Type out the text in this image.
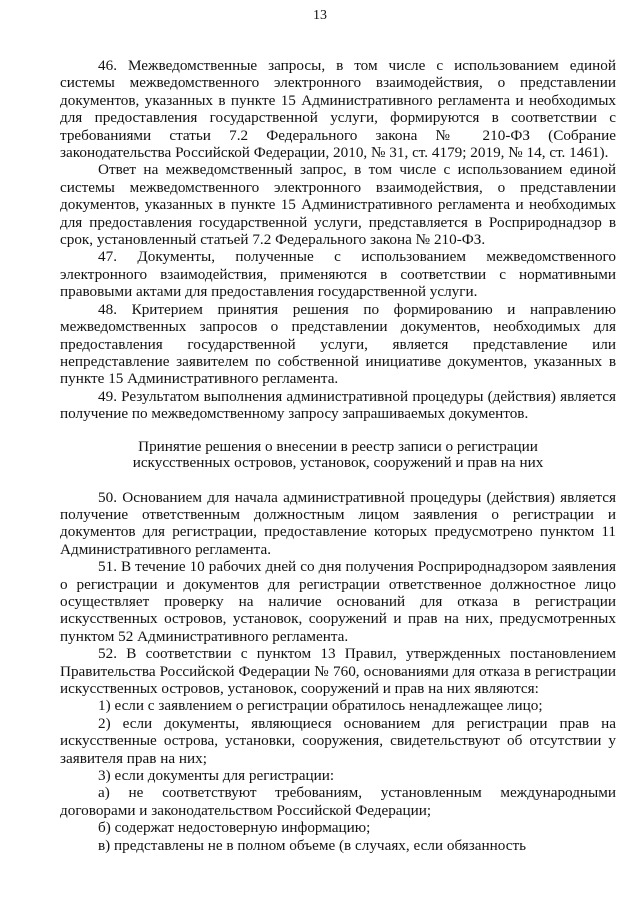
13

46. Межведомственные запросы, в том числе с использованием единой системы межведомственного электронного взаимодействия, о представлении документов, указанных в пункте 15 Административного регламента и необходимых для предоставления государственной услуги, формируются в соответствии с требованиями статьи 7.2 Федерального закона № 210-ФЗ (Собрание законодательства Российской Федерации, 2010, № 31, ст. 4179; 2019, № 14, ст. 1461).

Ответ на межведомственный запрос, в том числе с использованием единой системы межведомственного электронного взаимодействия, о представлении документов, указанных в пункте 15 Административного регламента и необходимых для предоставления государственной услуги, представляется в Росприроднадзор в срок, установленный статьей 7.2 Федерального закона № 210-ФЗ.

47. Документы, полученные с использованием межведомственного электронного взаимодействия, применяются в соответствии с нормативными правовыми актами для предоставления государственной услуги.

48. Критерием принятия решения по формированию и направлению межведомственных запросов о представлении документов, необходимых для предоставления государственной услуги, является представление или непредставление заявителем по собственной инициативе документов, указанных в пункте 15 Административного регламента.

49. Результатом выполнения административной процедуры (действия) является получение по межведомственному запросу запрашиваемых документов.

Принятие решения о внесении в реестр записи о регистрации
искусственных островов, установок, сооружений и прав на них

50. Основанием для начала административной процедуры (действия) является получение ответственным должностным лицом заявления о регистрации и документов для регистрации, предоставление которых предусмотрено пунктом 11 Административного регламента.

51. В течение 10 рабочих дней со дня получения Росприроднадзором заявления о регистрации и документов для регистрации ответственное должностное лицо осуществляет проверку на наличие оснований для отказа в регистрации искусственных островов, установок, сооружений и прав на них, предусмотренных пунктом 52 Административного регламента.

52. В соответствии с пунктом 13 Правил, утвержденных постановлением Правительства Российской Федерации № 760, основаниями для отказа в регистрации искусственных островов, установок, сооружений и прав на них являются:

1) если с заявлением о регистрации обратилось ненадлежащее лицо;

2) если документы, являющиеся основанием для регистрации прав на искусственные острова, установки, сооружения, свидетельствуют об отсутствии у заявителя прав на них;

3) если документы для регистрации:

а) не соответствуют требованиям, установленным международными договорами и законодательством Российской Федерации;

б) содержат недостоверную информацию;

в) представлены не в полном объеме (в случаях, если обязанность
